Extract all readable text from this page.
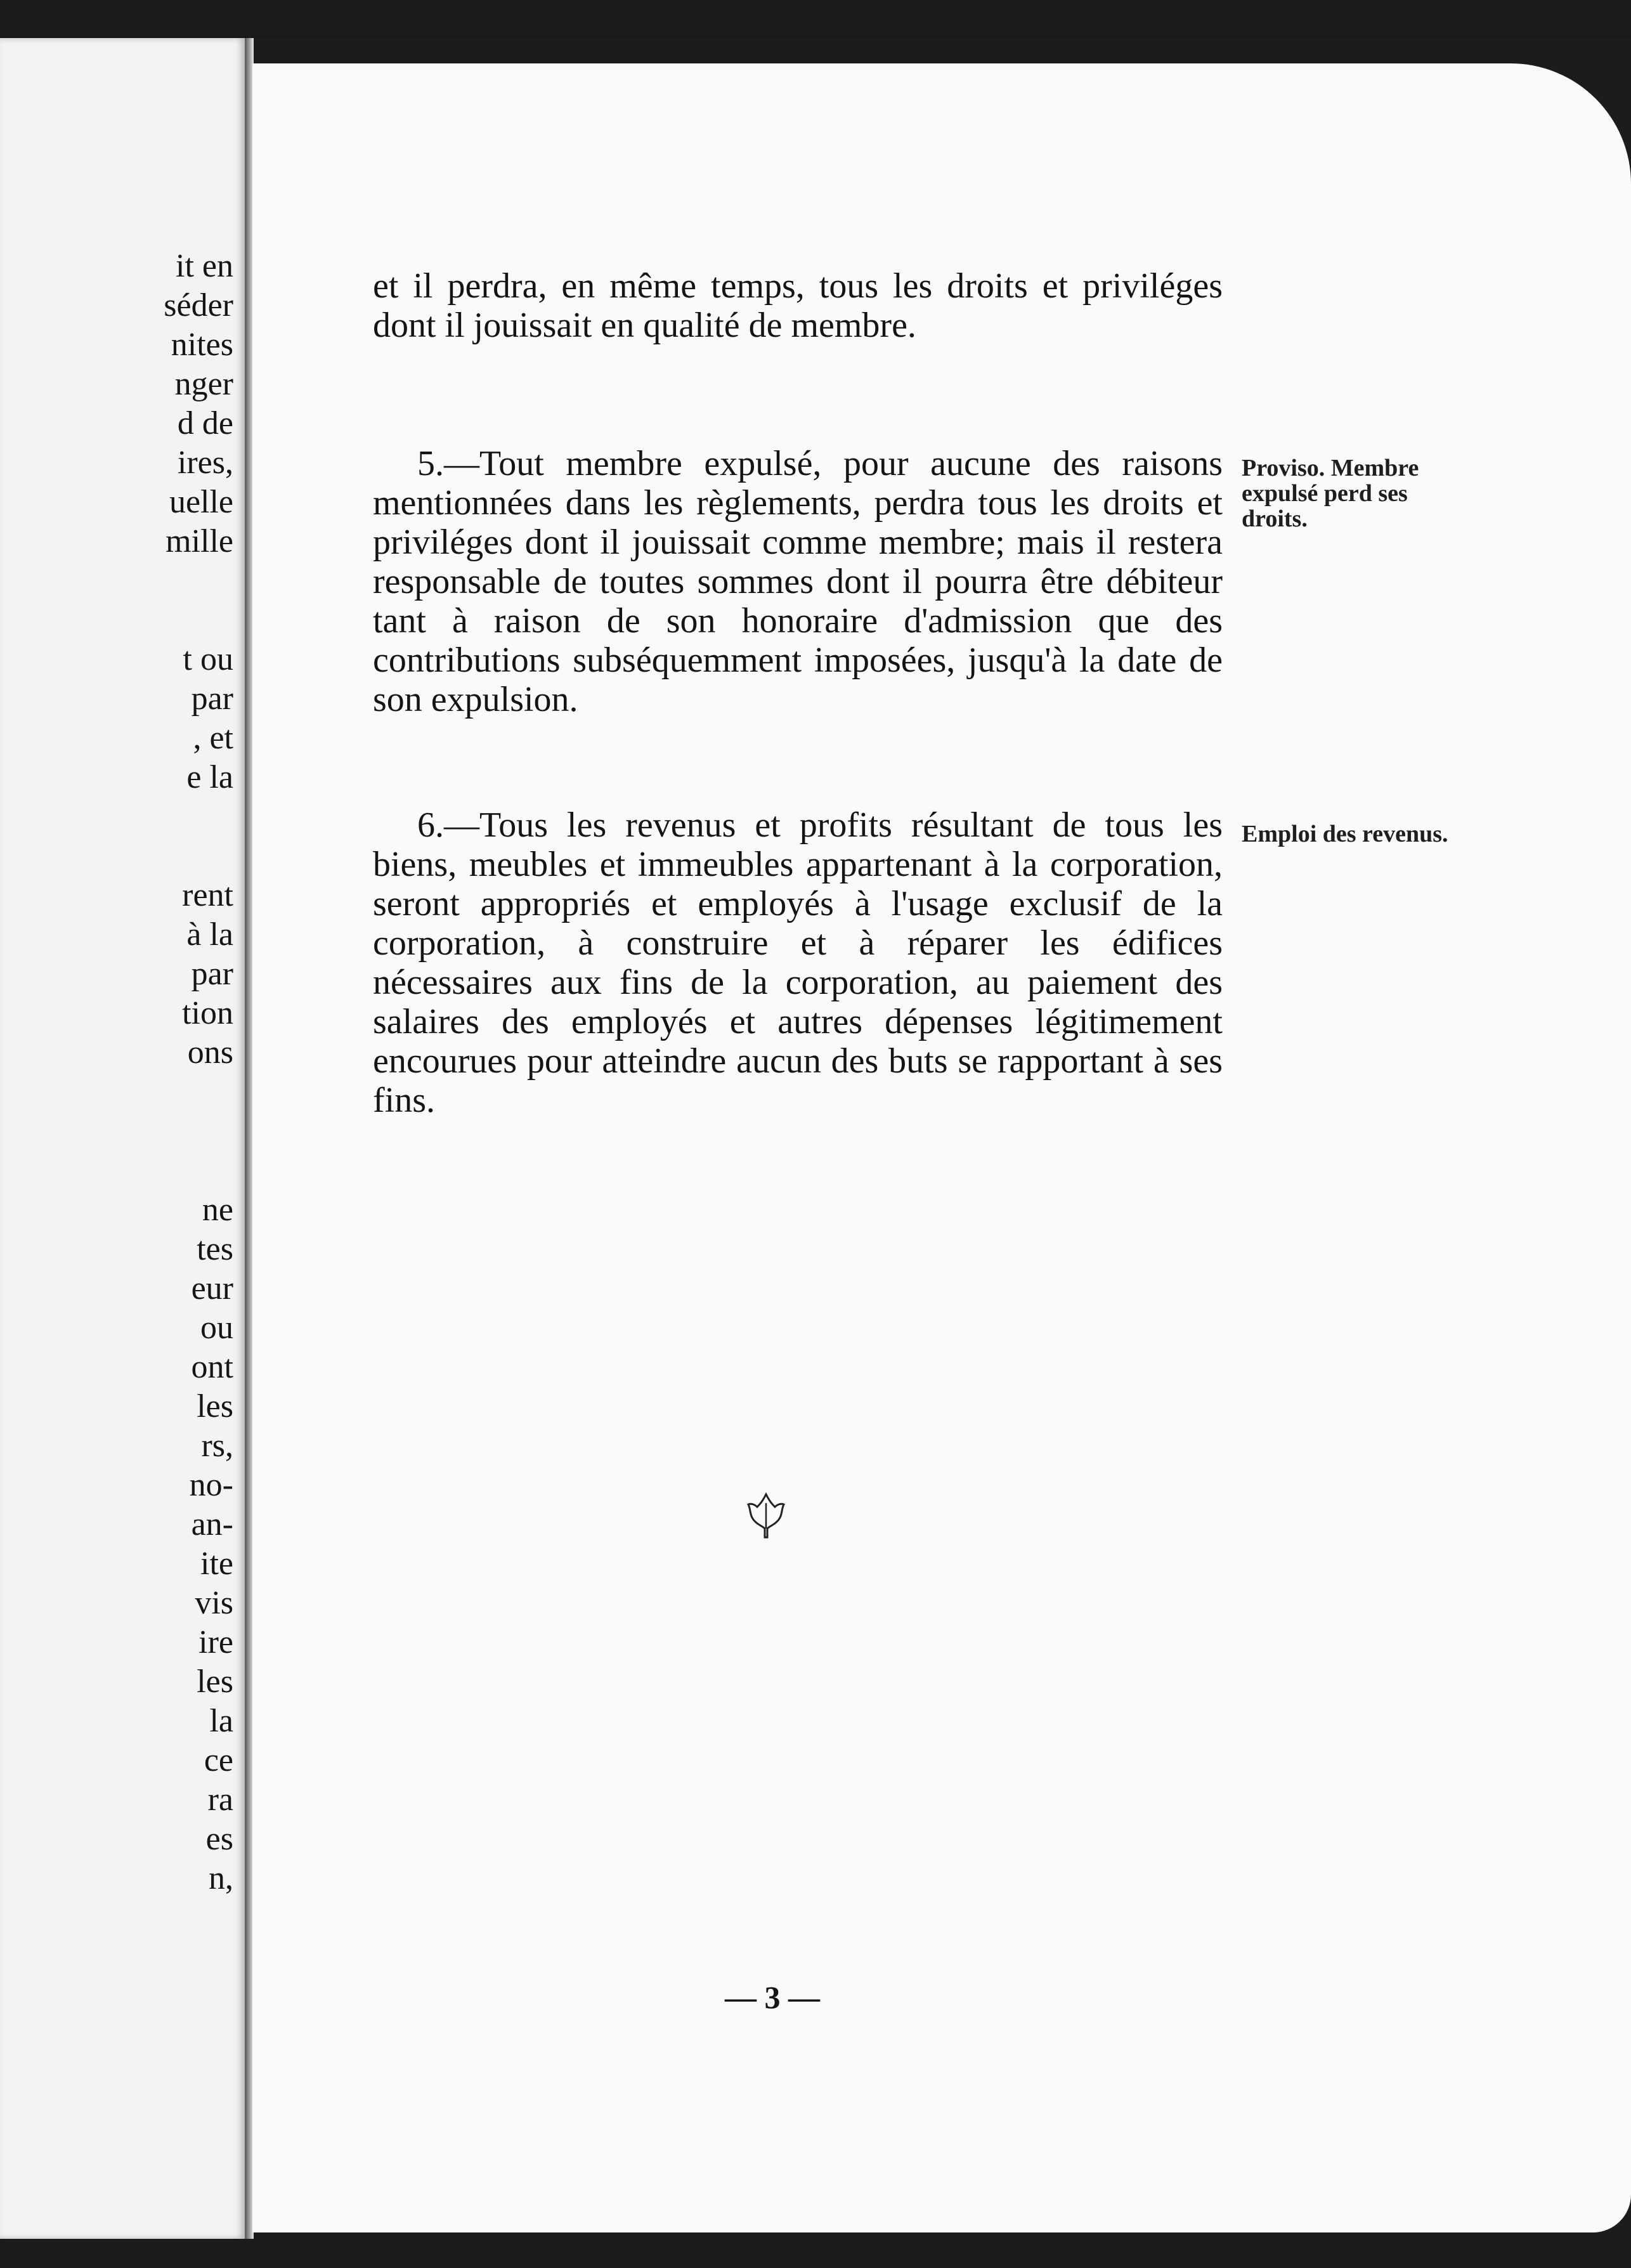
it en
séder
nites
nger
d de
ires,
uelle
mille
t ou
par
, et
e la
rent
à la
par
tion
ons
ne
tes
eur
ou
ont
les
rs,
no-
an-
ite
vis
ire
les
la
ce
ra
es
n,

et il perdra, en même temps, tous les droits et priviléges dont il jouissait en qualité de membre.

5.—Tout membre expulsé, pour aucune des raisons mentionnées dans les règlements, perdra tous les droits et priviléges dont il jouissait comme membre; mais il restera responsable de toutes sommes dont il pourra être débiteur tant à raison de son honoraire d'admission que des contributions subséquemment imposées, jusqu'à la date de son expulsion.

Proviso. Membre expulsé perd ses droits.

6.—Tous les revenus et profits résultant de tous les biens, meubles et immeubles appartenant à la corporation, seront appropriés et employés à l'usage exclusif de la corporation, à construire et à réparer les édifices nécessaires aux fins de la corporation, au paiement des salaires des employés et autres dépenses légitimement encourues pour atteindre aucun des buts se rapportant à ses fins.

Emploi des revenus.
— 3 —
